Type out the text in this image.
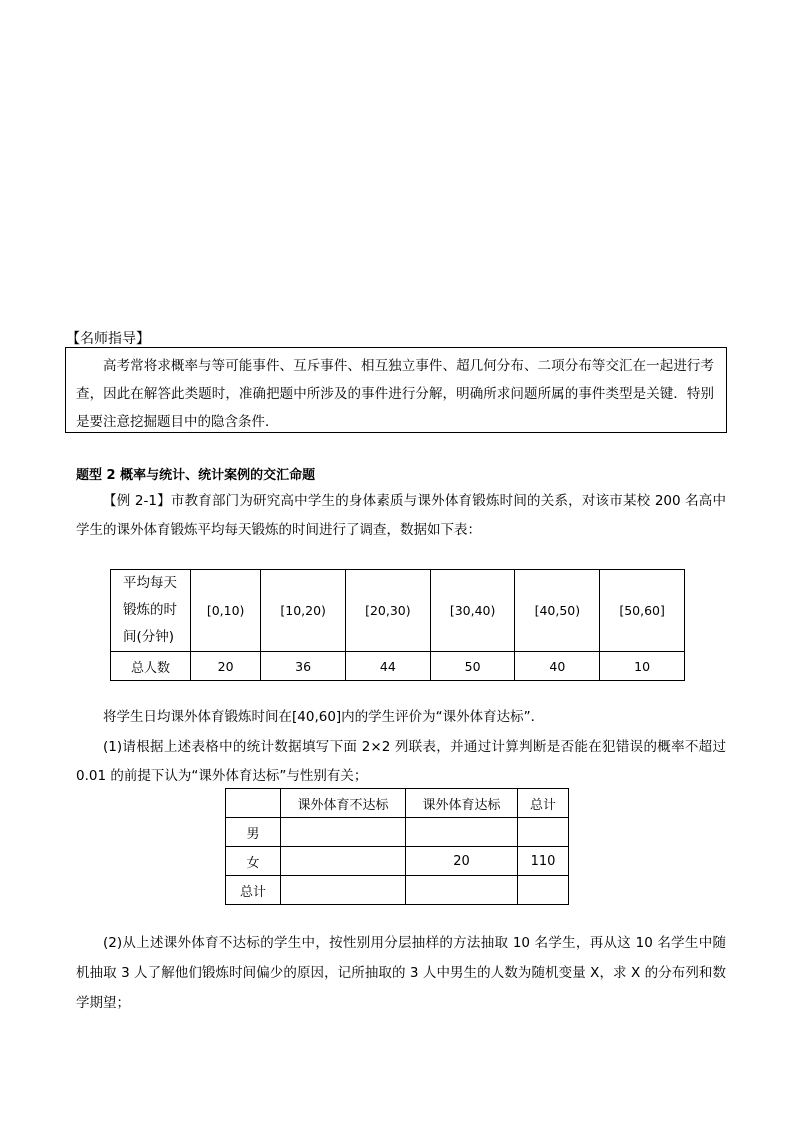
【名师指导】
高考常将求概率与等可能事件、互斥事件、相互独立事件、超几何分布、二项分布等交汇在一起进行考查，因此在解答此类题时，准确把题中所涉及的事件进行分解，明确所求问题所属的事件类型是关键．特别是要注意挖掘题目中的隐含条件．
题型 2 概率与统计、统计案例的交汇命题
【例 2-1】市教育部门为研究高中学生的身体素质与课外体育锻炼时间的关系，对该市某校 200 名高中学生的课外体育锻炼平均每天锻炼的时间进行了调查，数据如下表：
平均每天锻炼的时间(分钟)	[0,10)	[10,20)	[20,30)	[30,40)	[40,50)	[50,60]
总人数	20	36	44	50	40	10
将学生日均课外体育锻炼时间在[40,60]内的学生评价为“课外体育达标”．
(1)请根据上述表格中的统计数据填写下面 2×2 列联表，并通过计算判断是否能在犯错误的概率不超过 0.01 的前提下认为“课外体育达标”与性别有关；
	课外体育不达标	课外体育达标	总计
男			
女		20	110
总计			
(2)从上述课外体育不达标的学生中，按性别用分层抽样的方法抽取 10 名学生，再从这 10 名学生中随机抽取 3 人了解他们锻炼时间偏少的原因，记所抽取的 3 人中男生的人数为随机变量 X，求 X 的分布列和数学期望；
